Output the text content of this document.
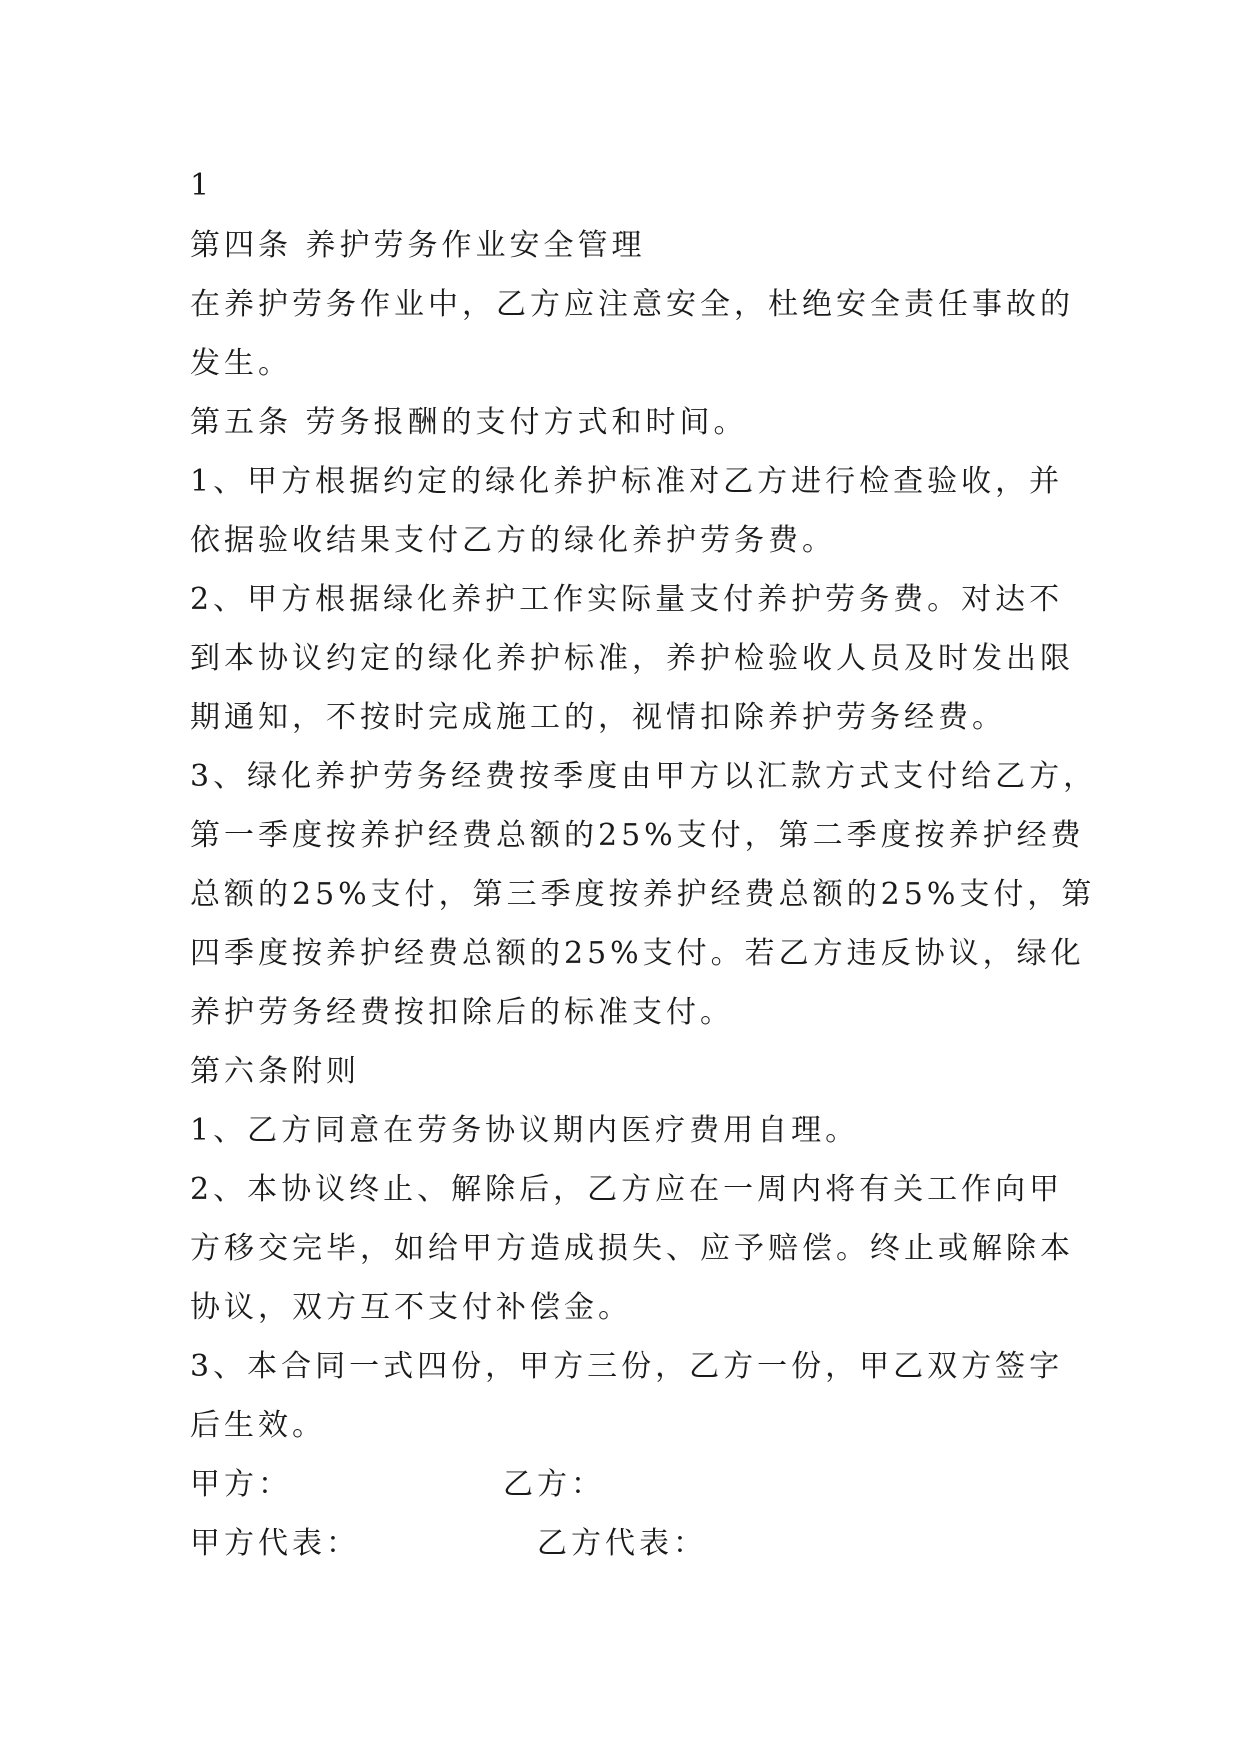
1

第四条 养护劳务作业安全管理

在养护劳务作业中，乙方应注意安全，杜绝安全责任事故的

发生。

第五条 劳务报酬的支付方式和时间。

1、甲方根据约定的绿化养护标准对乙方进行检查验收，并

依据验收结果支付乙方的绿化养护劳务费。

2、甲方根据绿化养护工作实际量支付养护劳务费。对达不

到本协议约定的绿化养护标准，养护检验收人员及时发出限

期通知，不按时完成施工的，视情扣除养护劳务经费。

3、绿化养护劳务经费按季度由甲方以汇款方式支付给乙方，

第一季度按养护经费总额的25%支付，第二季度按养护经费

总额的25%支付，第三季度按养护经费总额的25%支付，第

四季度按养护经费总额的25%支付。若乙方违反协议，绿化

养护劳务经费按扣除后的标准支付。

第六条附则

1、乙方同意在劳务协议期内医疗费用自理。

2、本协议终止、解除后，乙方应在一周内将有关工作向甲

方移交完毕，如给甲方造成损失、应予赔偿。终止或解除本

协议，双方互不支付补偿金。

3、本合同一式四份，甲方三份，乙方一份，甲乙双方签字

后生效。

甲方：	乙方：

甲方代表：	乙方代表：
